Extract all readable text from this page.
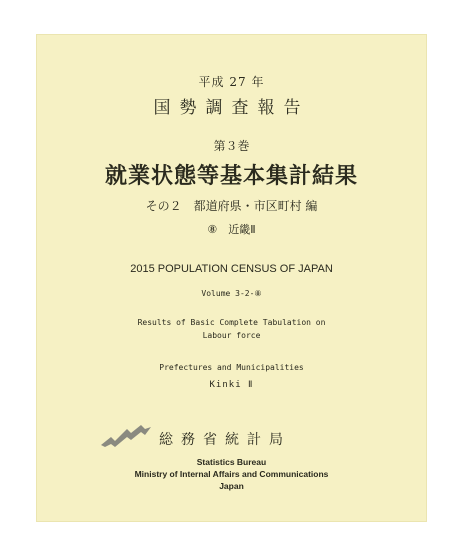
平成 27 年
国勢調査報告
第３巻
就業状態等基本集計結果
その２　都道府県・市区町村 編
⑧　近畿Ⅱ
2015 POPULATION CENSUS OF JAPAN
Volume 3-2-⑧
Results of Basic Complete Tabulation on
Labour force
Prefectures and Municipalities
Kinki Ⅱ
総務省統計局
Statistics Bureau
Ministry of Internal Affairs and Communications
Japan
